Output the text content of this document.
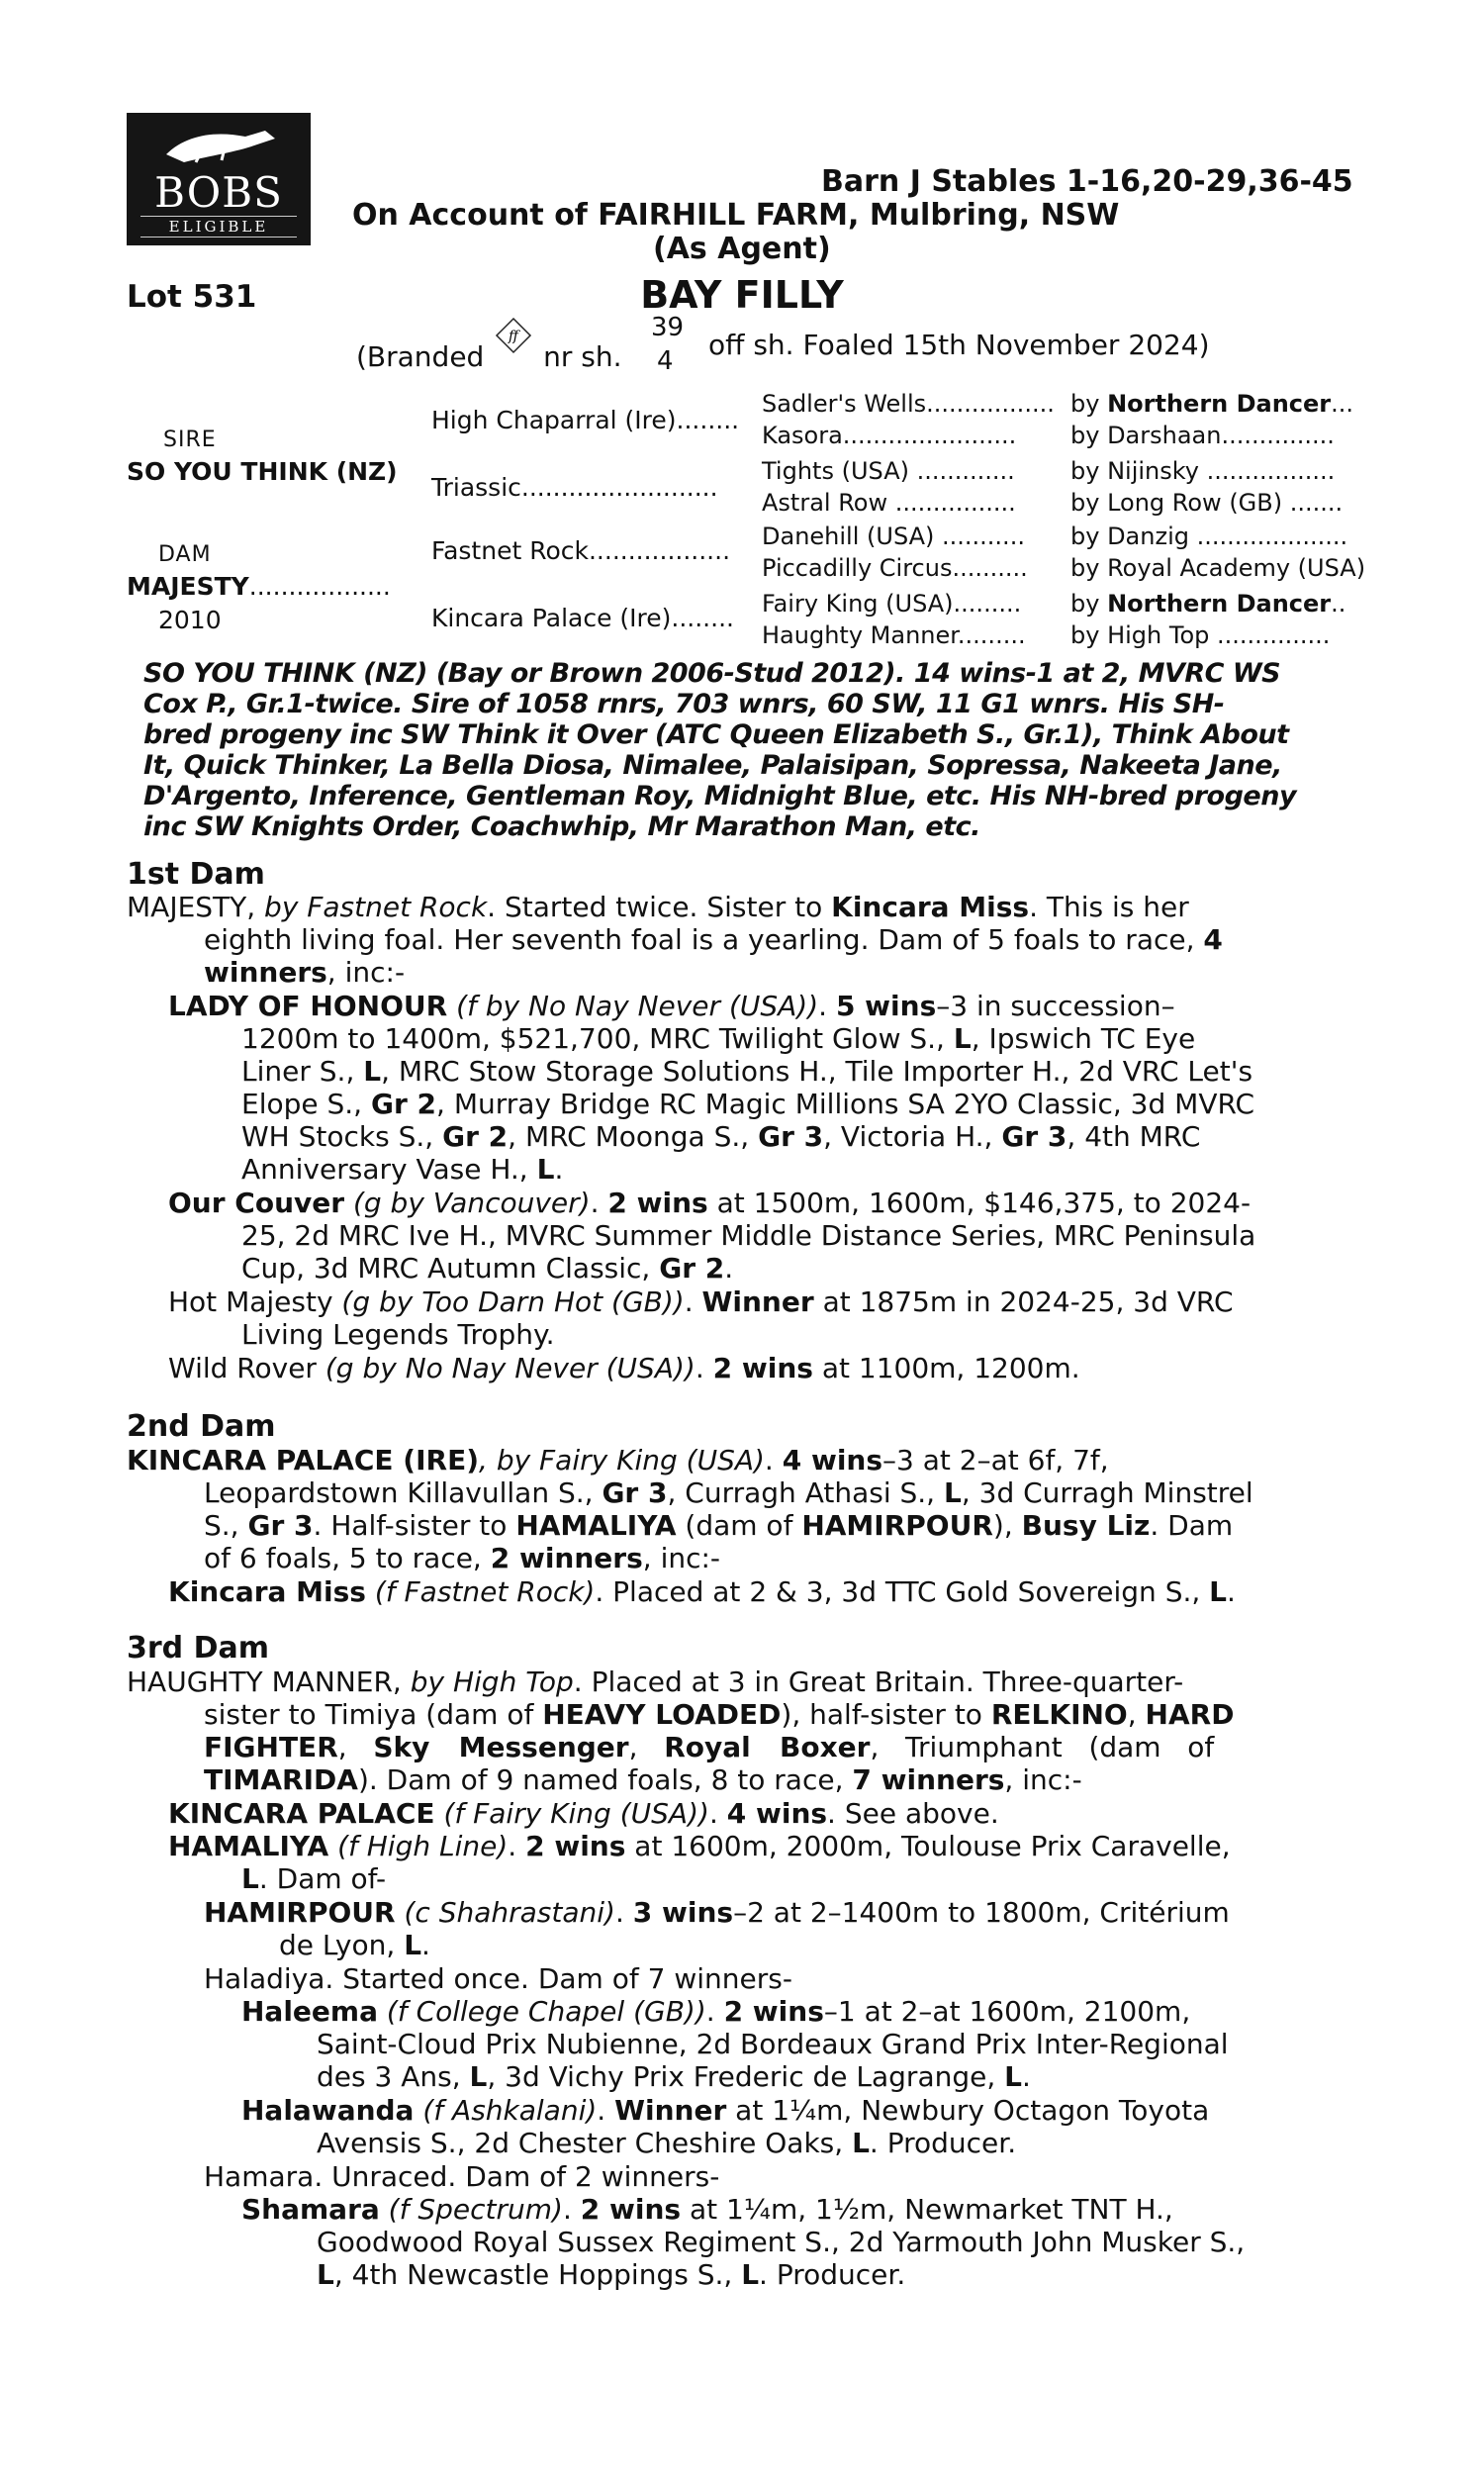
BOBS
ELIGIBLE
Barn J Stables 1-16,20-29,36-45
On Account of FAIRHILL FARM, Mulbring, NSW
(As Agent)
Lot 531	BAY FILLY
(Branded
ff
nr sh.
39
4 off sh. Foaled 15th November 2024)
SIRE
SO YOU THINK (NZ)
DAM
MAJESTY..................
2010
High Chaparral (Ire)........
Triassic.........................
Fastnet Rock..................
Kincara Palace (Ire)........
Sadler's Wells................. by Northern Dancer...
Kasora....................... by Darshaan...............
Tights (USA) ............. by Nijinsky .................
Astral Row ................ by Long Row (GB) .......
Danehill (USA) ........... by Danzig ....................
Piccadilly Circus.......... by Royal Academy (USA)
Fairy King (USA)......... by Northern Dancer..
Haughty Manner......... by High Top ...............
SO YOU THINK (NZ) (Bay or Brown 2006-Stud 2012). 14 wins-1 at 2, MVRC WS
Cox P., Gr.1-twice. Sire of 1058 rnrs, 703 wnrs, 60 SW, 11 G1 wnrs. His SH-
bred progeny inc SW Think it Over (ATC Queen Elizabeth S., Gr.1), Think About
It, Quick Thinker, La Bella Diosa, Nimalee, Palaisipan, Sopressa, Nakeeta Jane,
D'Argento, Inference, Gentleman Roy, Midnight Blue, etc. His NH-bred progeny
inc SW Knights Order, Coachwhip, Mr Marathon Man, etc.
1st Dam
MAJESTY, by Fastnet Rock. Started twice. Sister to Kincara Miss. This is her
eighth living foal. Her seventh foal is a yearling. Dam of 5 foals to race, 4
winners, inc:-
LADY OF HONOUR (f by No Nay Never (USA)). 5 wins–3 in succession–
1200m to 1400m, $521,700, MRC Twilight Glow S., L, Ipswich TC Eye
Liner S., L, MRC Stow Storage Solutions H., Tile Importer H., 2d VRC Let's
Elope S., Gr 2, Murray Bridge RC Magic Millions SA 2YO Classic, 3d MVRC
WH Stocks S., Gr 2, MRC Moonga S., Gr 3, Victoria H., Gr 3, 4th MRC
Anniversary Vase H., L.
Our Couver (g by Vancouver). 2 wins at 1500m, 1600m, $146,375, to 2024-
25, 2d MRC Ive H., MVRC Summer Middle Distance Series, MRC Peninsula
Cup, 3d MRC Autumn Classic, Gr 2.
Hot Majesty (g by Too Darn Hot (GB)). Winner at 1875m in 2024-25, 3d VRC
Living Legends Trophy.
Wild Rover (g by No Nay Never (USA)). 2 wins at 1100m, 1200m.
2nd Dam
KINCARA PALACE (IRE), by Fairy King (USA). 4 wins–3 at 2–at 6f, 7f,
Leopardstown Killavullan S., Gr 3, Curragh Athasi S., L, 3d Curragh Minstrel
S., Gr 3. Half-sister to HAMALIYA (dam of HAMIRPOUR), Busy Liz. Dam
of 6 foals, 5 to race, 2 winners, inc:-
Kincara Miss (f Fastnet Rock). Placed at 2 & 3, 3d TTC Gold Sovereign S., L.
3rd Dam
HAUGHTY MANNER, by High Top. Placed at 3 in Great Britain. Three-quarter-
sister to Timiya (dam of HEAVY LOADED), half-sister to RELKINO, HARD
FIGHTER,   Sky   Messenger,   Royal   Boxer,   Triumphant   (dam   of
TIMARIDA). Dam of 9 named foals, 8 to race, 7 winners, inc:-
KINCARA PALACE (f Fairy King (USA)). 4 wins. See above.
HAMALIYA (f High Line). 2 wins at 1600m, 2000m, Toulouse Prix Caravelle,
L. Dam of-
HAMIRPOUR (c Shahrastani). 3 wins–2 at 2–1400m to 1800m, Critérium
de Lyon, L.
Haladiya. Started once. Dam of 7 winners-
Haleema (f College Chapel (GB)). 2 wins–1 at 2–at 1600m, 2100m,
Saint-Cloud Prix Nubienne, 2d Bordeaux Grand Prix Inter-Regional
des 3 Ans, L, 3d Vichy Prix Frederic de Lagrange, L.
Halawanda (f Ashkalani). Winner at 1¼m, Newbury Octagon Toyota
Avensis S., 2d Chester Cheshire Oaks, L. Producer.
Hamara. Unraced. Dam of 2 winners-
Shamara (f Spectrum). 2 wins at 1¼m, 1½m, Newmarket TNT H.,
Goodwood Royal Sussex Regiment S., 2d Yarmouth John Musker S.,
L, 4th Newcastle Hoppings S., L. Producer.
